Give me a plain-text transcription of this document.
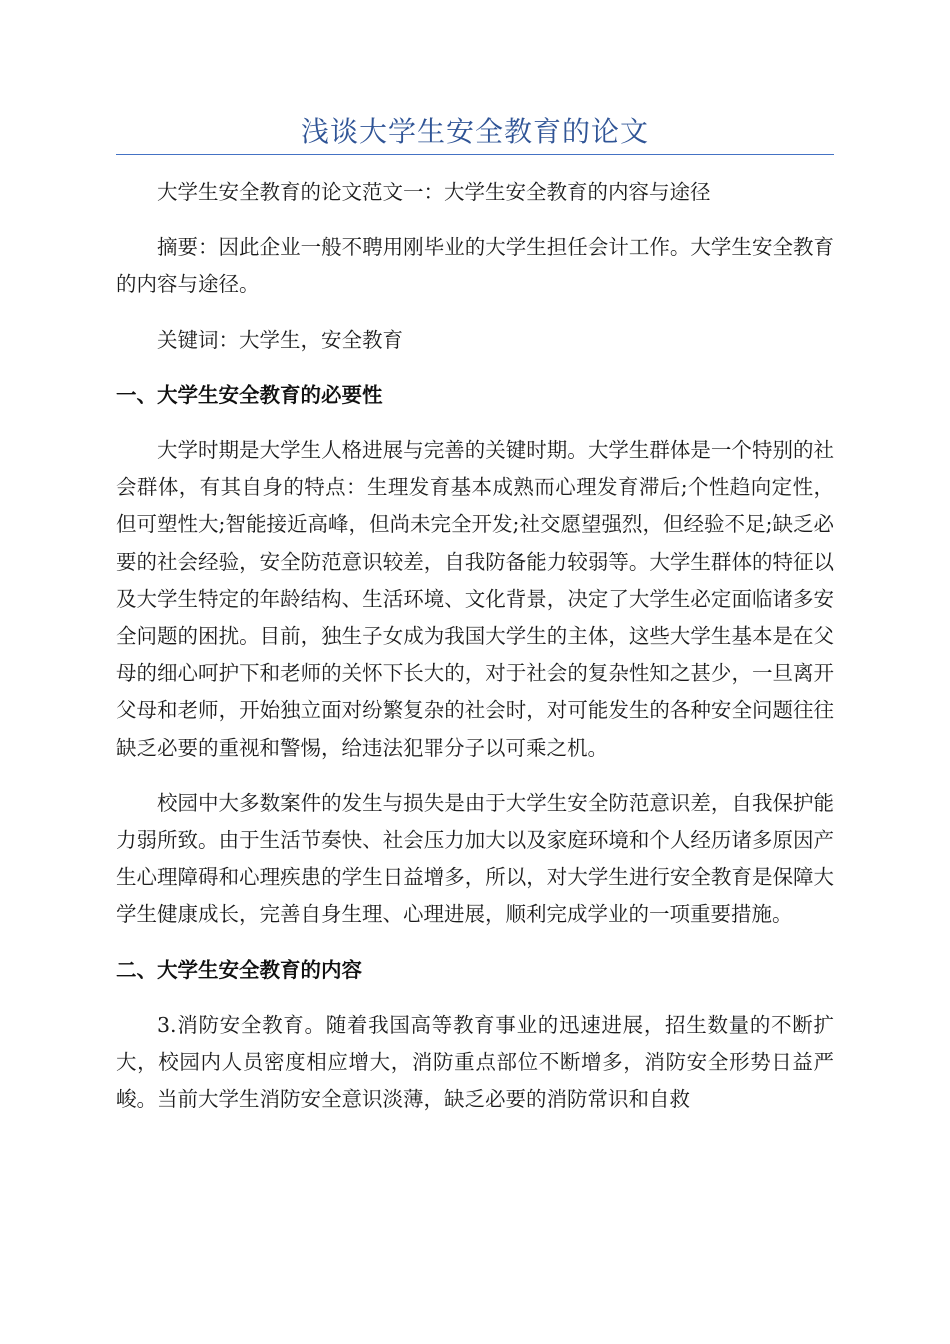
浅谈大学生安全教育的论文

大学生安全教育的论文范文一：大学生安全教育的内容与途径

摘要：因此企业一般不聘用刚毕业的大学生担任会计工作。大学生安全教育的内容与途径。

关键词：大学生，安全教育

一、大学生安全教育的必要性

大学时期是大学生人格进展与完善的关键时期。大学生群体是一个特别的社会群体，有其自身的特点：生理发育基本成熟而心理发育滞后;个性趋向定性，但可塑性大;智能接近高峰，但尚未完全开发;社交愿望强烈，但经验不足;缺乏必要的社会经验，安全防范意识较差，自我防备能力较弱等。大学生群体的特征以及大学生特定的年龄结构、生活环境、文化背景，决定了大学生必定面临诸多安全问题的困扰。目前，独生子女成为我国大学生的主体，这些大学生基本是在父母的细心呵护下和老师的关怀下长大的，对于社会的复杂性知之甚少，一旦离开父母和老师，开始独立面对纷繁复杂的社会时，对可能发生的各种安全问题往往缺乏必要的重视和警惕，给违法犯罪分子以可乘之机。

校园中大多数案件的发生与损失是由于大学生安全防范意识差，自我保护能力弱所致。由于生活节奏快、社会压力加大以及家庭环境和个人经历诸多原因产生心理障碍和心理疾患的学生日益增多，所以，对大学生进行安全教育是保障大学生健康成长，完善自身生理、心理进展，顺利完成学业的一项重要措施。

二、大学生安全教育的内容

3.消防安全教育。随着我国高等教育事业的迅速进展，招生数量的不断扩大，校园内人员密度相应增大，消防重点部位不断增多，消防安全形势日益严峻。当前大学生消防安全意识淡薄，缺乏必要的消防常识和自救
